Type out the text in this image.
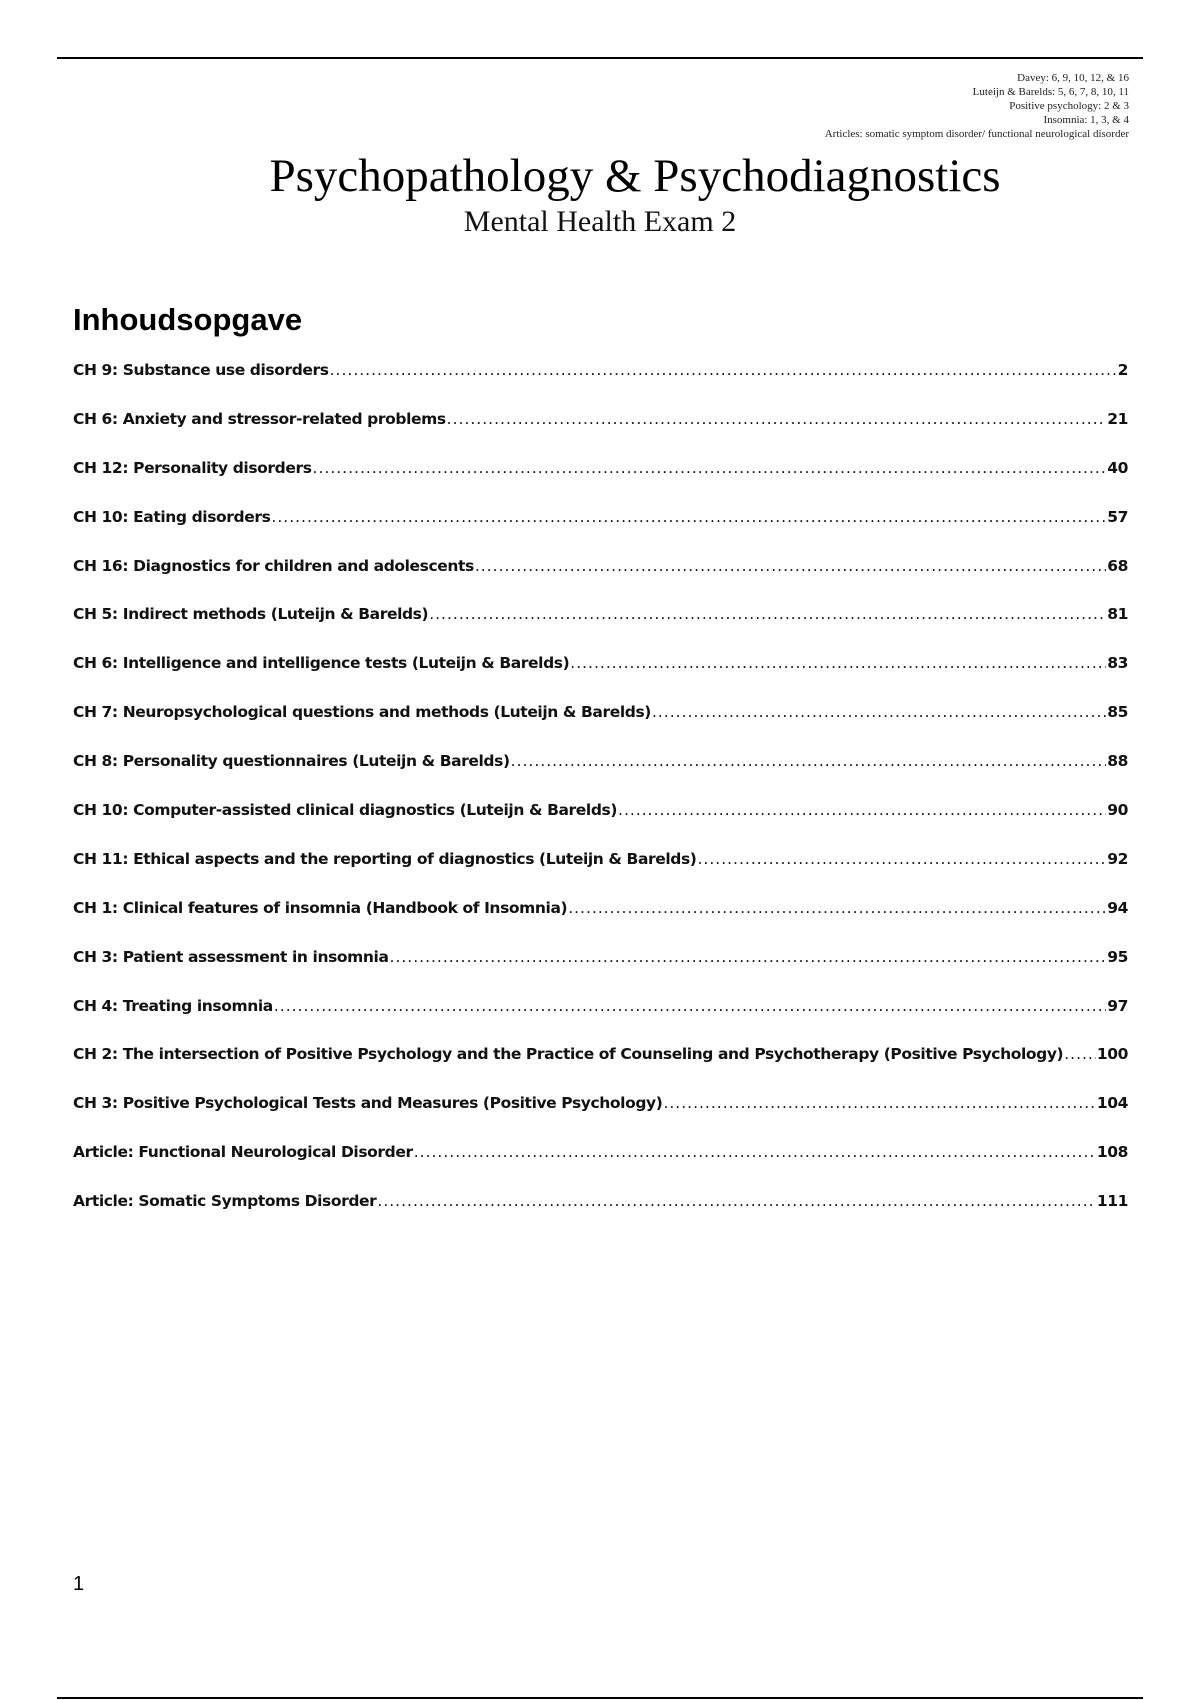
Davey: 6, 9, 10, 12, & 16
Luteijn & Barelds: 5, 6, 7, 8, 10, 11
Positive psychology: 2 & 3
Insomnia: 1, 3, & 4
Articles: somatic symptom disorder/ functional neurological disorder
Psychopathology & Psychodiagnostics
Mental Health Exam 2
Inhoudsopgave
CH 9: Substance use disorders .....	2
CH 6: Anxiety and stressor-related problems .....	21
CH 12: Personality disorders .....	40
CH 10: Eating disorders .....	57
CH 16: Diagnostics for children and adolescents .....	68
CH 5: Indirect methods (Luteijn & Barelds) .....	81
CH 6: Intelligence and intelligence tests (Luteijn & Barelds) .....	83
CH 7: Neuropsychological questions and methods (Luteijn & Barelds) .....	85
CH 8: Personality questionnaires (Luteijn & Barelds) .....	88
CH 10: Computer-assisted clinical diagnostics (Luteijn & Barelds) .....	90
CH 11: Ethical aspects and the reporting of diagnostics (Luteijn & Barelds) .....	92
CH 1: Clinical features of insomnia (Handbook of Insomnia) .....	94
CH 3: Patient assessment in insomnia .....	95
CH 4: Treating insomnia .....	97
CH 2: The intersection of Positive Psychology and the Practice of Counseling and Psychotherapy (Positive Psychology) ..... 100
CH 3: Positive Psychological Tests and Measures (Positive Psychology) .....	104
Article: Functional Neurological Disorder .....	108
Article: Somatic Symptoms Disorder .....	111
1
